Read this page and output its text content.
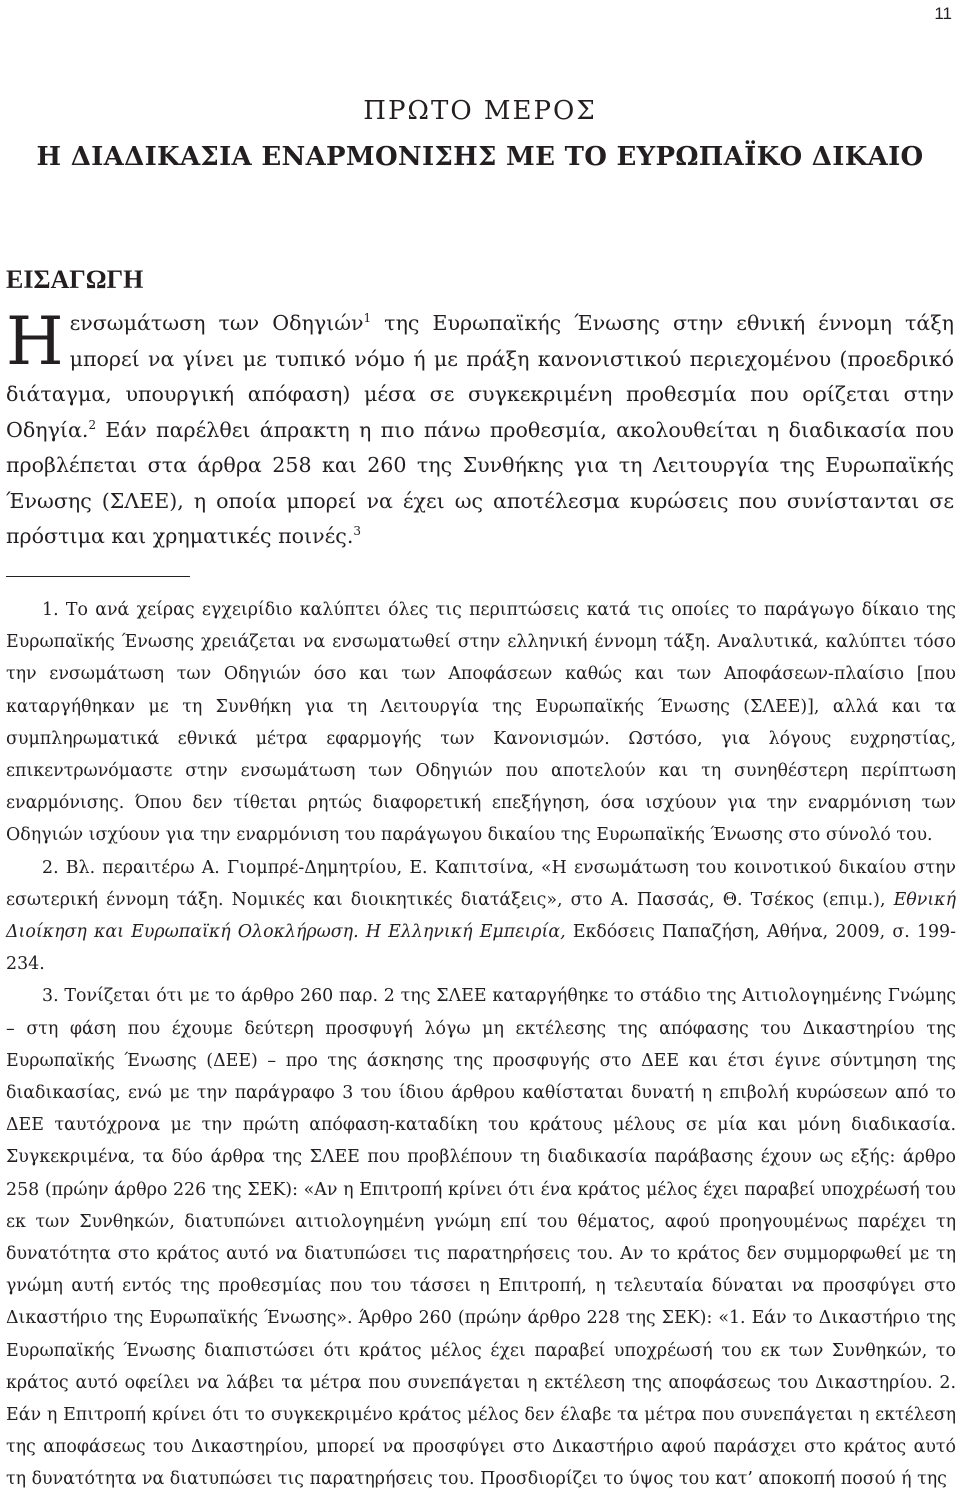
11
ΠΡΩΤΟ ΜΕΡΟΣ
Η ΔΙΑΔΙΚΑΣΙΑ ΕΝΑΡΜΟΝΙΣΗΣ ΜΕ ΤΟ ΕΥΡΩΠΑΪΚΟ ΔΙΚΑΙΟ
ΕΙΣΑΓΩΓΗ
Ηενσωμάτωση των Οδηγιών$^1$ της Ευρωπαϊκής Ένωσης στην εθνική έννομη τάξη μπορεί να γίνει με τυπικό νόμο ή με πράξη κανονιστικού περιεχομένου (προεδρικό διάταγμα, υπουργική απόφαση) μέσα σε συγκεκριμένη προθεσμία που ορίζεται στην Οδηγία.$^2$ Εάν παρέλθει άπρακτη η πιο πάνω προθεσμία, ακολουθείται η διαδικασία που προβλέπεται στα άρθρα 258 και 260 της Συνθήκης για τη Λειτουργία της Ευρωπαϊκής Ένωσης (ΣΛΕΕ), η οποία μπορεί να έχει ως αποτέλεσμα κυρώσεις που συνίστανται σε πρόστιμα και χρηματικές ποινές.$^3$

1. Το ανά χείρας εγχειρίδιο καλύπτει όλες τις περιπτώσεις κατά τις οποίες το παράγωγο δίκαιο της Ευρωπαϊκής Ένωσης χρειάζεται να ενσωματωθεί στην ελληνική έννομη τάξη. Αναλυτικά, καλύπτει τόσο την ενσωμάτωση των Οδηγιών όσο και των Αποφάσεων καθώς και των Αποφάσεων-πλαίσιο [που καταργήθηκαν με τη Συνθήκη για τη Λειτουργία της Ευρωπαϊκής Ένωσης (ΣΛΕΕ)], αλλά και τα συμπληρωματικά εθνικά μέτρα εφαρμογής των Κανονισμών. Ωστόσο, για λόγους ευχρηστίας, επικεντρωνόμαστε στην ενσωμάτωση των Οδηγιών που αποτελούν και τη συνηθέστερη περίπτωση εναρμόνισης. Όπου δεν τίθεται ρητώς διαφορετική επεξήγηση, όσα ισχύουν για την εναρμόνιση των Οδηγιών ισχύουν για την εναρμόνιση του παράγωγου δικαίου της Ευρωπαϊκής Ένωσης στο σύνολό του.

2. Βλ. περαιτέρω Α. Γιομπρέ-Δημητρίου, Ε. Καπιτσίνα, «Η ενσωμάτωση του κοινοτικού δικαίου στην εσωτερική έννομη τάξη. Νομικές και διοικητικές διατάξεις», στο Α. Πασσάς, Θ. Τσέκος (επιμ.), Εθνική Διοίκηση και Ευρωπαϊκή Ολοκλήρωση. Η Ελληνική Εμπειρία, Εκδόσεις Παπαζήση, Αθήνα, 2009, σ. 199-234.

3. Τονίζεται ότι με το άρθρο 260 παρ. 2 της ΣΛΕΕ καταργήθηκε το στάδιο της Αιτιολογημένης Γνώμης – στη φάση που έχουμε δεύτερη προσφυγή λόγω μη εκτέλεσης της απόφασης του Δικαστηρίου της Ευρωπαϊκής Ένωσης (ΔΕΕ) – προ της άσκησης της προσφυγής στο ΔΕΕ και έτσι έγινε σύντμηση της διαδικασίας, ενώ με την παράγραφο 3 του ίδιου άρθρου καθίσταται δυνατή η επιβολή κυρώσεων από το ΔΕΕ ταυτόχρονα με την πρώτη απόφαση-καταδίκη του κράτους μέλους σε μία και μόνη διαδικασία. Συγκεκριμένα, τα δύο άρθρα της ΣΛΕΕ που προβλέπουν τη διαδικασία παράβασης έχουν ως εξής: άρθρο 258 (πρώην άρθρο 226 της ΣΕΚ): «Αν η Επιτροπή κρίνει ότι ένα κράτος μέλος έχει παραβεί υποχρέωσή του εκ των Συνθηκών, διατυπώνει αιτιολογημένη γνώμη επί του θέματος, αφού προηγουμένως παρέχει τη δυνατότητα στο κράτος αυτό να διατυπώσει τις παρατηρήσεις του. Αν το κράτος δεν συμμορφωθεί με τη γνώμη αυτή εντός της προθεσμίας που του τάσσει η Επιτροπή, η τελευταία δύναται να προσφύγει στο Δικαστήριο της Ευρωπαϊκής Ένωσης». Άρθρο 260 (πρώην άρθρο 228 της ΣΕΚ): «1. Εάν το Δικαστήριο της Ευρωπαϊκής Ένωσης διαπιστώσει ότι κράτος μέλος έχει παραβεί υποχρέωσή του εκ των Συνθηκών, το κράτος αυτό οφείλει να λάβει τα μέτρα που συνεπάγεται η εκτέλεση της αποφάσεως του Δικαστηρίου. 2. Εάν η Επιτροπή κρίνει ότι το συγκεκριμένο κράτος μέλος δεν έλαβε τα μέτρα που συνεπάγεται η εκτέλεση της αποφάσεως του Δικαστηρίου, μπορεί να προσφύγει στο Δικαστήριο αφού παράσχει στο κράτος αυτό τη δυνατότητα να διατυπώσει τις παρατηρήσεις του. Προσδιορίζει το ύψος του κατ’ αποκοπή ποσού ή της
